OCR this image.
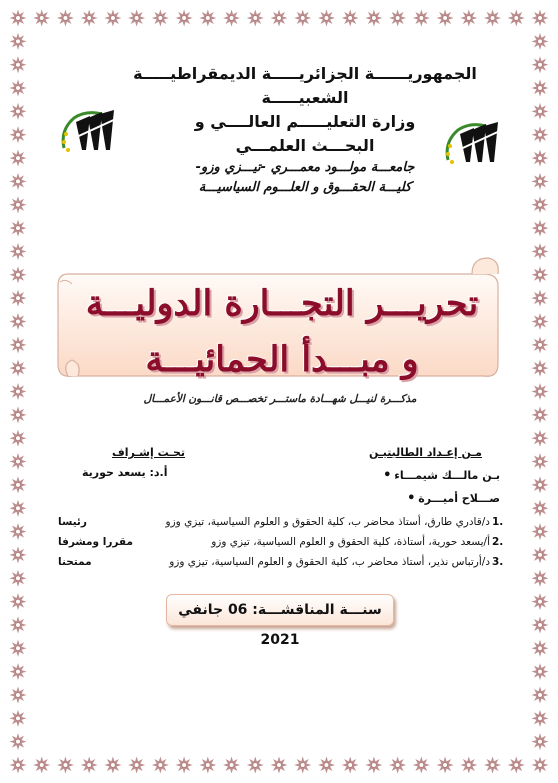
الجمهوريــــــة الجزائريـــــة الديمقراطيـــــة الشعبيـــــة
وزارة التعليـــــم العالــــي و
البحـــث العلمـــي
جامعـــة مولـــود معمـــري -تيـــزي وزو-
كليـــة الحقـــوق و العلـــوم السياسيـــة
تحريـــر التجـــارة الدوليـــة و مبـــدأ الحمائيـــة
مذكـــرة لنيـــل شهـــادة ماستـــر تخصـــص قانـــون الأعمـــال
مـن إعـداد الطالبتيـن
بـن مالـــك شيمـــاء •
صـــلاح أميـــرة •
تحـت إشـراف
أ.د: يسعد حورية
1.
د/قادري طارق، أستاذ محاضر ب، كلية الحقوق و العلوم السياسية، تيزي وزو
رئيسا
2.
أ/يسعد حورية، أستاذة، كلية الحقوق و العلوم السياسية، تيزي وزو
مقررا ومشرفا
3.
د/أرتباس نذير، أستاذ محاضر ب، كلية الحقوق و العلوم السياسية، تيزي وزو
ممتحنا
سنـــة المناقشـــة: 06 جانفي 2021
